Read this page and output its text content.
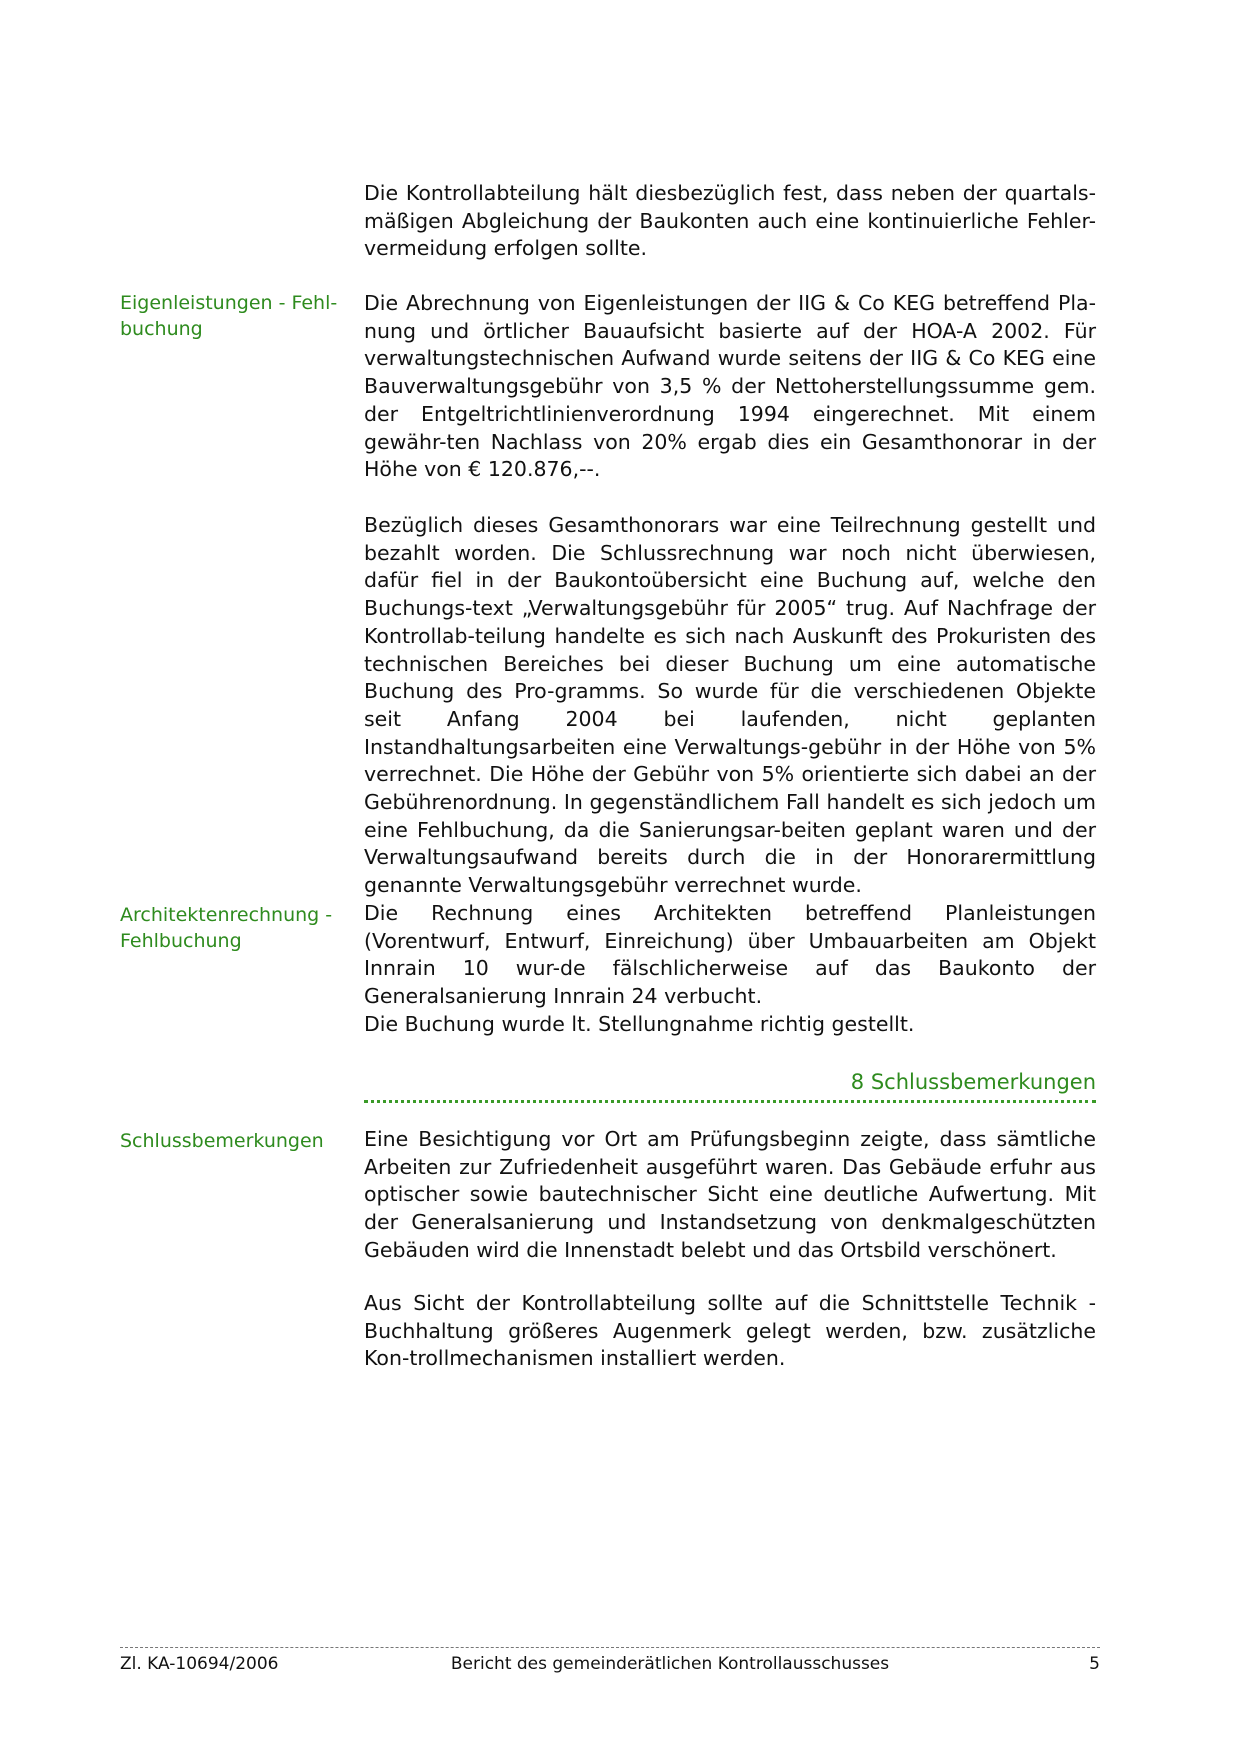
Die Kontrollabteilung hält diesbezüglich fest, dass neben der quartals-mäßigen Abgleichung der Baukonten auch eine kontinuierliche Fehler-vermeidung erfolgen sollte.

Eigenleistungen - Fehl-buchung

Die Abrechnung von Eigenleistungen der IIG & Co KEG betreffend Pla-nung und örtlicher Bauaufsicht basierte auf der HOA-A 2002. Für verwaltungstechnischen Aufwand wurde seitens der IIG & Co KEG eine Bauverwaltungsgebühr von 3,5 % der Nettoherstellungssumme gem. der Entgeltrichtlinienverordnung 1994 eingerechnet. Mit einem gewähr-ten Nachlass von 20% ergab dies ein Gesamthonorar in der Höhe von € 120.876,--.

Bezüglich dieses Gesamthonorars war eine Teilrechnung gestellt und bezahlt worden. Die Schlussrechnung war noch nicht überwiesen, dafür fiel in der Baukontoübersicht eine Buchung auf, welche den Buchungs-text „Verwaltungsgebühr für 2005“ trug. Auf Nachfrage der Kontrollab-teilung handelte es sich nach Auskunft des Prokuristen des technischen Bereiches bei dieser Buchung um eine automatische Buchung des Pro-gramms. So wurde für die verschiedenen Objekte seit Anfang 2004 bei laufenden, nicht geplanten Instandhaltungsarbeiten eine Verwaltungs-gebühr in der Höhe von 5% verrechnet. Die Höhe der Gebühr von 5% orientierte sich dabei an der Gebührenordnung. In gegenständlichem Fall handelt es sich jedoch um eine Fehlbuchung, da die Sanierungsar-beiten geplant waren und der Verwaltungsaufwand bereits durch die in der Honorarermittlung genannte Verwaltungsgebühr verrechnet wurde.

Architektenrechnung - Fehlbuchung

Die Rechnung eines Architekten betreffend Planleistungen (Vorentwurf, Entwurf, Einreichung) über Umbauarbeiten am Objekt Innrain 10 wur-de fälschlicherweise auf das Baukonto der Generalsanierung Innrain 24 verbucht.

Die Buchung wurde lt. Stellungnahme richtig gestellt.

8 Schlussbemerkungen
Schlussbemerkungen	Eine Besichtigung vor Ort am Prüfungsbeginn zeigte, dass sämtliche Arbeiten zur Zufriedenheit ausgeführt waren. Das Gebäude erfuhr aus optischer sowie bautechnischer Sicht eine deutliche Aufwertung. Mit der Generalsanierung und Instandsetzung von denkmalgeschützten Gebäuden wird die Innenstadt belebt und das Ortsbild verschönert.

Aus Sicht der Kontrollabteilung sollte auf die Schnittstelle Technik - Buchhaltung größeres Augenmerk gelegt werden, bzw. zusätzliche Kon-trollmechanismen installiert werden.

Zl. KA-10694/2006	Bericht des gemeinderätlichen Kontrollausschusses	5
